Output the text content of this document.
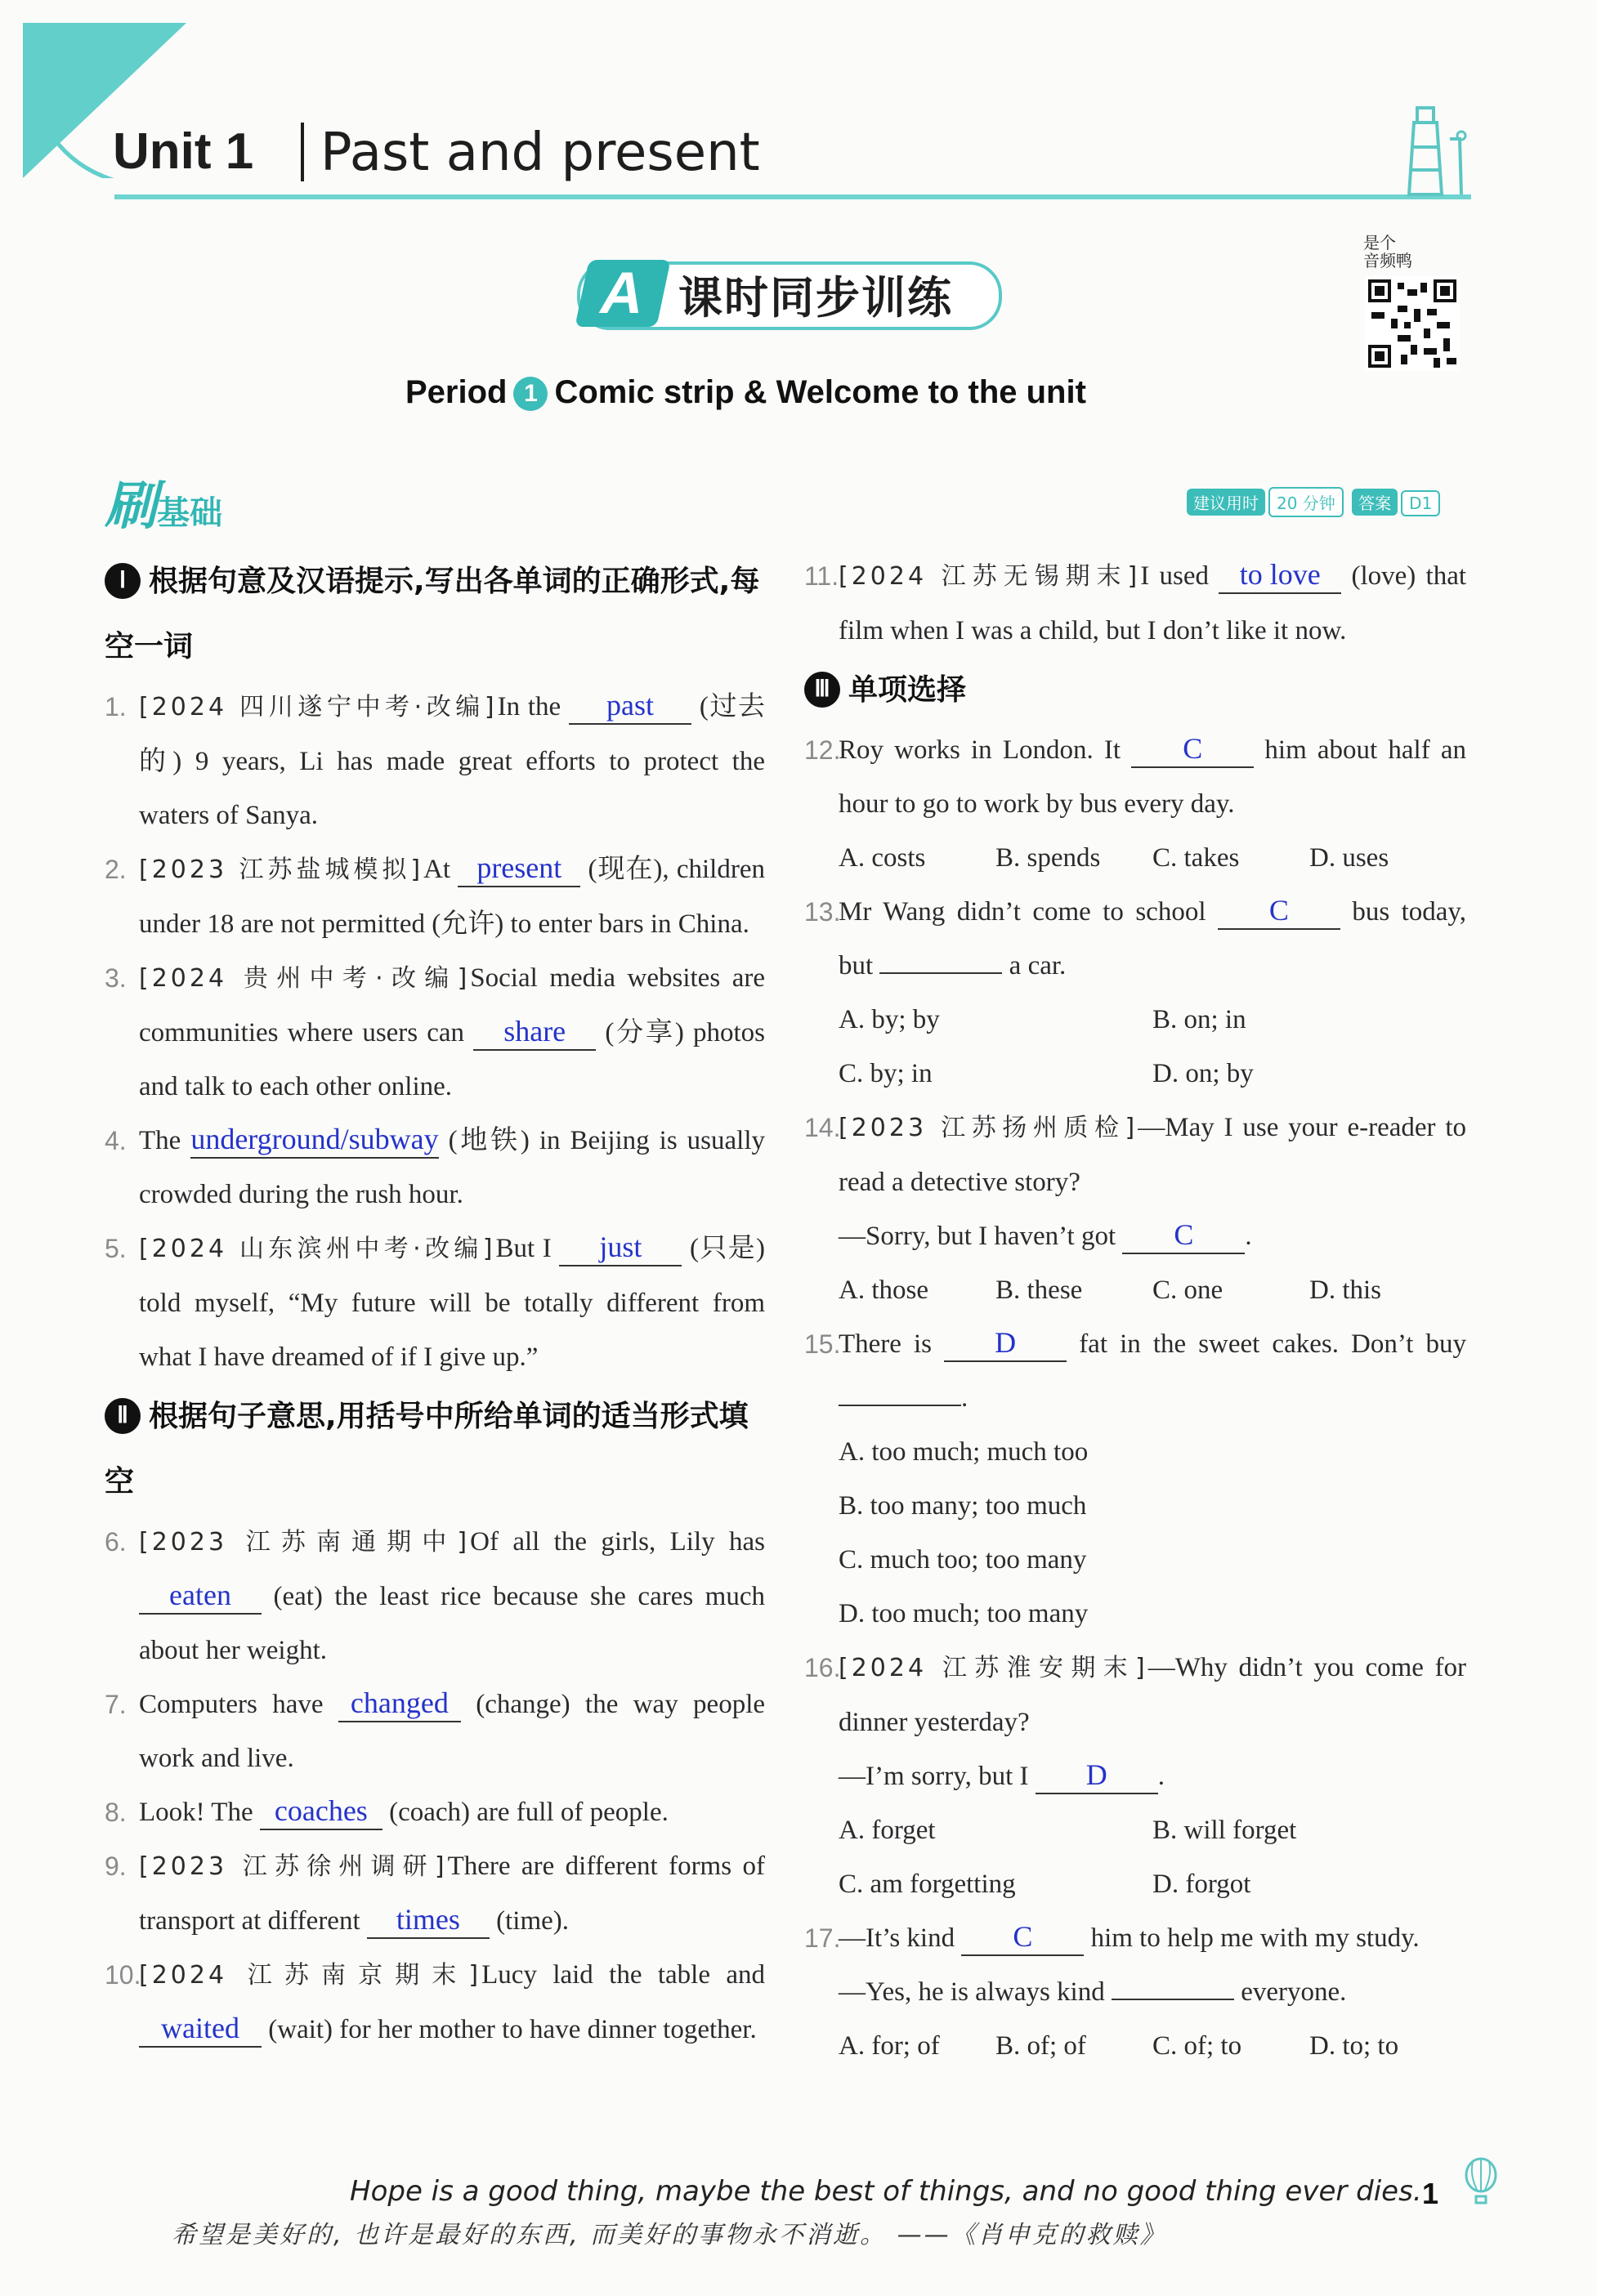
Unit 1 Past and present
A 课时同步训练
是个
音频鸭
Period 1 Comic strip & Welcome to the unit
刷基础	建议用时 20 分钟 答案 D1
Ⅰ 根据句意及汉语提示,写出各单词的正确形式,每空一词
1. [2024 四川遂宁中考·改编]In the past (过去的) 9 years, Li has made great efforts to protect the waters of Sanya.
2. [2023 江苏盐城模拟]At present (现在), children under 18 are not permitted (允许) to enter bars in China.
3. [2024 贵州中考·改编]Social media websites are communities where users can share (分享) photos and talk to each other online.
4. The underground/subway (地铁) in Beijing is usually crowded during the rush hour.
5. [2024 山东滨州中考·改编]But I just (只是) told myself, “My future will be totally different from what I have dreamed of if I give up.”
Ⅱ 根据句子意思,用括号中所给单词的适当形式填空
6. [2023 江苏南通期中]Of all the girls, Lily has eaten (eat) the least rice because she cares much about her weight.
7. Computers have changed (change) the way people work and live.
8. Look! The coaches (coach) are full of people.
9. [2023 江苏徐州调研]There are different forms of transport at different times (time).
10.
[2024 江苏南京期末]Lucy laid the table and waited (wait) for her mother to have dinner together.
11. [2024 江苏无锡期末]I used to love (love) that film when I was a child, but I don’t like it now.
Ⅲ 单项选择
12.
Roy works in London. It C him about half an hour to go to work by bus every day.
A. costs	B. spends	C. takes	D. uses
13.
Mr Wang didn’t come to school C bus today, but	a car.
A. by; by	B. on; in
C. by; in	D. on; by
14.
[2023 江苏扬州质检]—May I use your e-reader to read a detective story?
—Sorry, but I haven’t got C .
A. those	B. these	C. one	D. this
15.
There is D fat in the sweet cakes. Don’t buy .
A. too much; much too
B. too many; too much
C. much too; too many
D. too much; too many
16.
[2024 江苏淮安期末]—Why didn’t you come for dinner yesterday?
—I’m sorry, but I D .
A. forget	B. will forget
C. am forgetting	D. forgot
17.
—It’s kind C him to help me with my study.
—Yes, he is always kind	everyone.
A. for; of	B. of; of	C. of; to	D. to; to
Hope is a good thing, maybe the best of things, and no good thing ever dies.
希望是美好的, 也许是最好的东西, 而美好的事物永不消逝。 ——《肖申克的救赎》
1
